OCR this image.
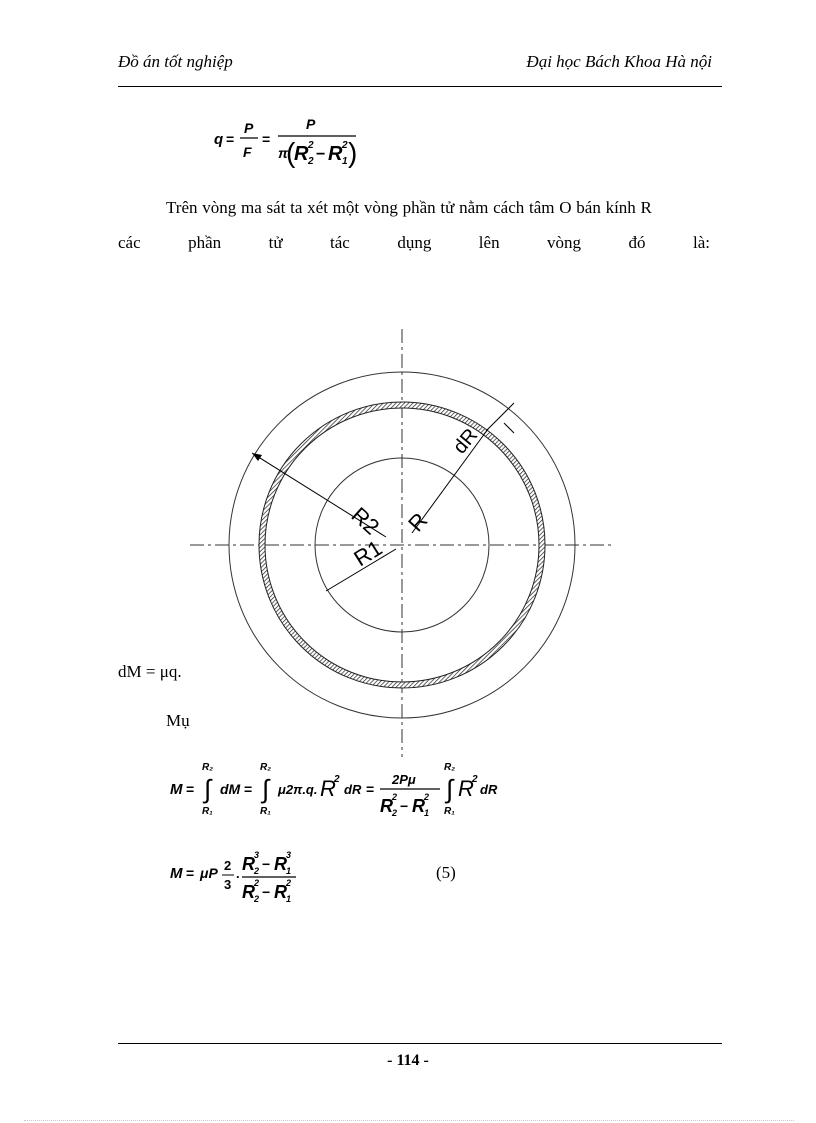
Đồ án tốt nghiệp	Đại học Bách Khoa Hà nội
q =
P
F
=
P
π
(
R 2
2
− R 1
2 )
Trên vòng ma sát ta xét một vòng phần tử nằm cách tâm O bán kính R
các	phần	tử	tác	dụng	lên	vòng	đó	là:
R2 R
R1
dR
dM = μq.
Mụ
M =
R₂
∫
R₁
dM =
R₂
∫
R₁
μ2π.q. R
2
dR =
2Pμ
R 2
2
− R 1
2
R₂
∫
R₁
R
2
dR
M = μP 2
3
. R 2
3
− R 1
3
R 2
2
− R 1
2
(5)
- 114 -
